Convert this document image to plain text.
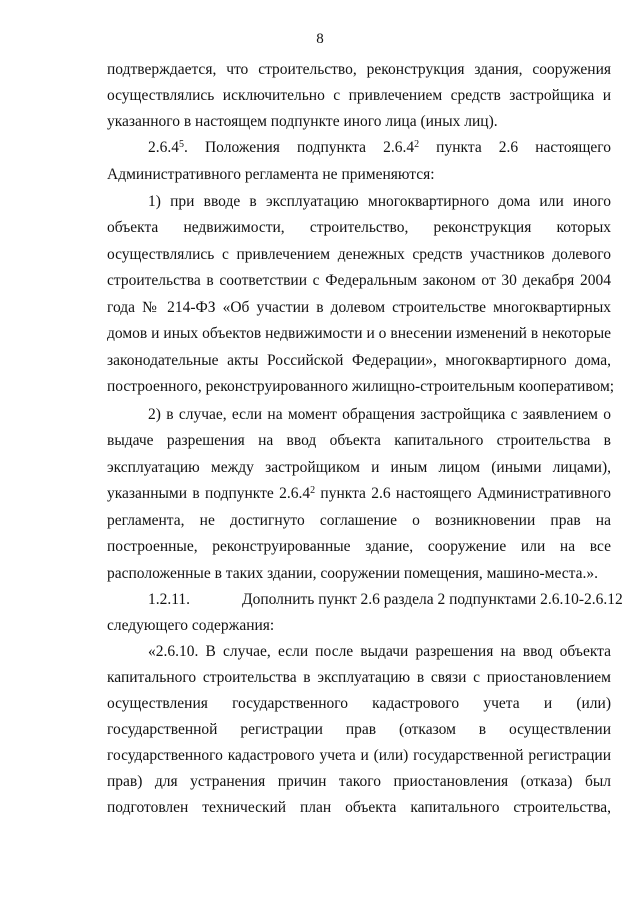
8
подтверждается, что строительство, реконструкция здания, сооружения
осуществлялись исключительно с привлечением средств застройщика и
указанного в настоящем подпункте иного лица (иных лиц).
2.6.4$^5$. Положения подпункта 2.6.4$^2$ пункта 2.6 настоящего
Административного регламента не применяются:
1) при вводе в эксплуатацию многоквартирного дома или иного
объекта недвижимости, строительство, реконструкция которых
осуществлялись с привлечением денежных средств участников долевого
строительства в соответствии с Федеральным законом от 30 декабря 2004
года № 214-ФЗ «Об участии в долевом строительстве многоквартирных
домов и иных объектов недвижимости и о внесении изменений в некоторые
законодательные акты Российской Федерации», многоквартирного дома,
построенного, реконструированного жилищно-строительным кооперативом;
2) в случае, если на момент обращения застройщика с заявлением о
выдаче разрешения на ввод объекта капитального строительства в
эксплуатацию между застройщиком и иным лицом (иными лицами),
указанными в подпункте 2.6.4$^2$ пункта 2.6 настоящего Административного
регламента, не достигнуто соглашение о возникновении прав на
построенные, реконструированные здание, сооружение или на все
расположенные в таких здании, сооружении помещения, машино-места.».
1.2.11.	Дополнить пункт 2.6 раздела 2 подпунктами 2.6.10-2.6.12
следующего содержания:
«2.6.10. В случае, если после выдачи разрешения на ввод объекта
капитального строительства в эксплуатацию в связи с приостановлением
осуществления государственного кадастрового учета и (или)
государственной регистрации прав (отказом в осуществлении
государственного кадастрового учета и (или) государственной регистрации
прав) для устранения причин такого приостановления (отказа) был
подготовлен технический план объекта капитального строительства,
